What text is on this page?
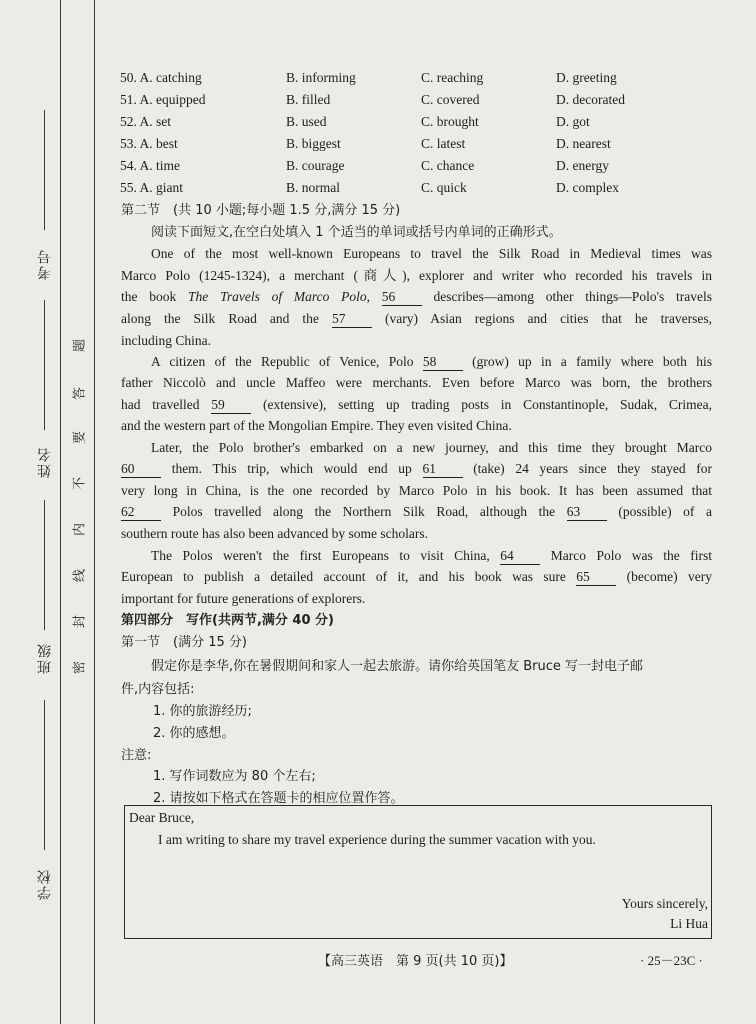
考号
姓名
班级
学校
题
答
要
不
内
线
封
密
50. A. catching	B. informing	C. reaching	D. greeting
51. A. equipped	B. filled	C. covered	D. decorated
52. A. set	B. used	C. brought	D. got
53. A. best	B. biggest	C. latest	D. nearest
54. A. time	B. courage	C. chance	D. energy
55. A. giant	B. normal	C. quick	D. complex
第二节　(共 10 小题;每小题 1.5 分,满分 15 分)
阅读下面短文,在空白处填入 1 个适当的单词或括号内单词的正确形式。
One of the most well-known Europeans to travel the Silk Road in Medieval times was
Marco Polo (1245-1324), a merchant (商人), explorer and writer who recorded his travels in
the book The Travels of Marco Polo, 56 describes—among other things—Polo's travels
along the Silk Road and the 57 (vary) Asian regions and cities that he traverses,
including China.
A citizen of the Republic of Venice, Polo 58 (grow) up in a family where both his
father Niccolò and uncle Maffeo were merchants. Even before Marco was born, the brothers
had travelled 59 (extensive), setting up trading posts in Constantinople, Sudak, Crimea,
and the western part of the Mongolian Empire. They even visited China.
Later, the Polo brother's embarked on a new journey, and this time they brought Marco
60 them. This trip, which would end up 61 (take) 24 years since they stayed for
very long in China, is the one recorded by Marco Polo in his book. It has been assumed that
62 Polos travelled along the Northern Silk Road, although the 63 (possible) of a
southern route has also been advanced by some scholars.
The Polos weren't the first Europeans to visit China, 64 Marco Polo was the first
European to publish a detailed account of it, and his book was sure 65 (become) very
important for future generations of explorers.
第四部分　写作(共两节,满分 40 分)
第一节　(满分 15 分)
假定你是李华,你在暑假期间和家人一起去旅游。请你给英国笔友 Bruce 写一封电子邮
件,内容包括:
1. 你的旅游经历;
2. 你的感想。
注意:
1. 写作词数应为 80 个左右;
2. 请按如下格式在答题卡的相应位置作答。
Dear Bruce,
I am writing to share my travel experience during the summer vacation with you.
Yours sincerely,
Li Hua
【高三英语　第 9 页(共 10 页)】	· 25－23C ·
